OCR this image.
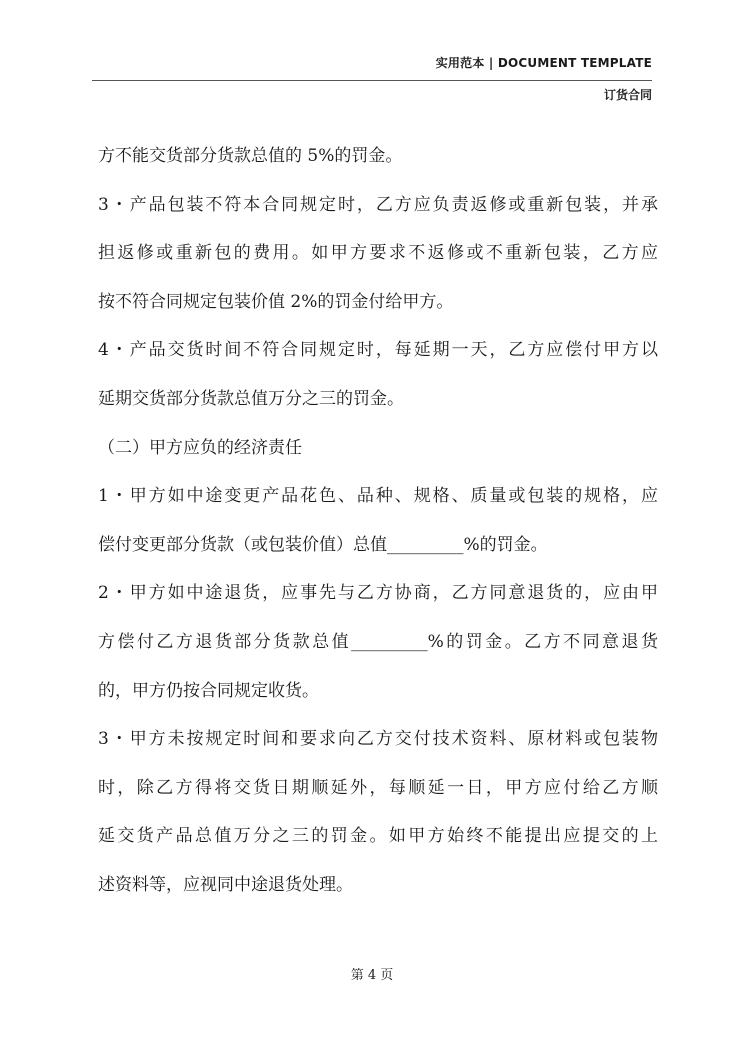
实用范本 | DOCUMENT TEMPLATE
订货合同
方不能交货部分货款总值的 5%的罚金。
3・产品包装不符本合同规定时，乙方应负责返修或重新包装，并承
担返修或重新包的费用。如甲方要求不返修或不重新包装，乙方应
按不符合同规定包装价值 2%的罚金付给甲方。
4・产品交货时间不符合同规定时，每延期一天，乙方应偿付甲方以
延期交货部分货款总值万分之三的罚金。
（二）甲方应负的经济责任
1・甲方如中途变更产品花色、品种、规格、质量或包装的规格，应
偿付变更部分货款（或包装价值）总值_________%的罚金。
2・甲方如中途退货，应事先与乙方协商，乙方同意退货的，应由甲
方偿付乙方退货部分货款总值_________%的罚金。乙方不同意退货
的，甲方仍按合同规定收货。
3・甲方未按规定时间和要求向乙方交付技术资料、原材料或包装物
时，除乙方得将交货日期顺延外，每顺延一日，甲方应付给乙方顺
延交货产品总值万分之三的罚金。如甲方始终不能提出应提交的上
述资料等，应视同中途退货处理。
第 4 页
